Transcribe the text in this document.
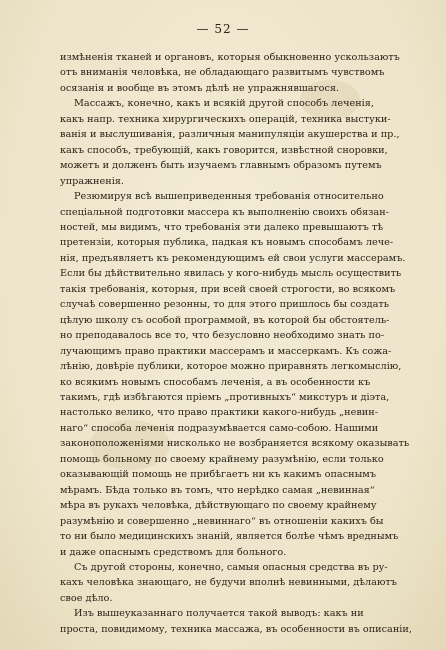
— 52 —
измѣненія тканей и органовъ, которыя обыкновенно ускользаютъ
отъ вниманія человѣка, не обладающаго развитымъ чувствомъ
осязанія и вообще въ этомъ дѣлѣ не упражнявшагося.
Массажъ, конечно, какъ и всякій другой способъ леченія,
какъ напр. техника хирургическихъ операцій, техника выстуки-
ванія и выслушиванія, различныя манипуляціи акушерства и пр.,
какъ способъ, требующій, какъ говорится, извѣстной сноровки,
можетъ и долженъ быть изучаемъ главнымъ образомъ путемъ
упражненія.
Резюмируя всѣ вышеприведенныя требованія относительно
спеціальной подготовки массера къ выполненію своихъ обязан-
ностей, мы видимъ, что требованія эти далеко превышаютъ тѣ
претензіи, которыя публика, падкая къ новымъ способамъ лече-
нія, предъявляетъ къ рекомендующимъ ей свои услуги массерамъ.
Если бы дѣйствительно явилась у кого-нибудь мысль осуществить
такія требованія, которыя, при всей своей строгости, во всякомъ
случаѣ совершенно резонны, то для этого пришлось бы создать
цѣлую школу съ особой программой, въ которой бы обстоятель-
но преподавалось все то, что безусловно необходимо знать по-
лучающимъ право практики массерамъ и массеркамъ. Къ сожа-
лѣнію, довѣріе публики, которое можно приравнять легкомыслію,
ко всякимъ новымъ способамъ леченія, а въ особенности къ
такимъ, гдѣ избѣгаются пріемъ „противныхъ“ микстуръ и діэта,
настолько велико, что право практики какого-нибудь „невин-
наго“ способа леченія подразумѣвается само-собою. Нашими
законоположеніями нисколько не возбраняется всякому оказывать
помощь больному по своему крайнему разумѣнію, если только
оказывающій помощь не прибѣгаетъ ни къ какимъ опаснымъ
мѣрамъ. Бѣда только въ томъ, что нерѣдко самая „невинная“
мѣра въ рукахъ человѣка, дѣйствующаго по своему крайнему
разумѣнію и совершенно „невиннаго“ въ отношеніи какихъ бы
то ни было медицинскихъ знаній, является болѣе чѣмъ вреднымъ
и даже опаснымъ средствомъ для больного.
Съ другой стороны, конечно, самыя опасныя средства въ ру-
кахъ человѣка знающаго, не будучи вполнѣ невинными, дѣлаютъ
свое дѣло.
Изъ вышеуказаннаго получается такой выводъ: какъ ни
проста, повидимому, техника массажа, въ особенности въ описаніи,
